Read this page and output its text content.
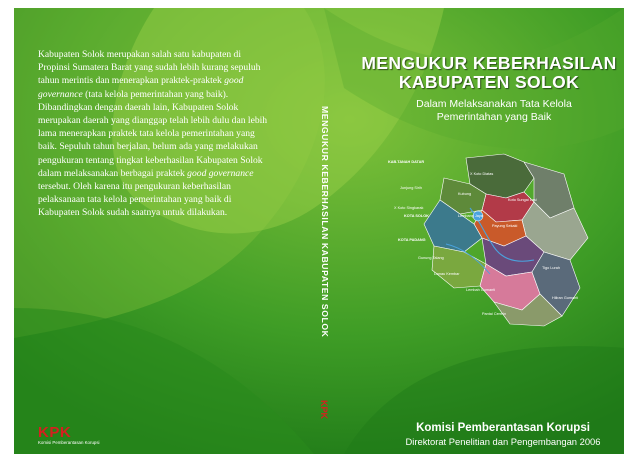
Kabupaten Solok merupakan salah satu kabupaten di Propinsi Sumatera Barat yang sudah lebih kurang sepuluh tahun merintis dan menerapkan praktek-praktek good governance (tata kelola pemerintahan yang baik). Dibandingkan dengan daerah lain, Kabupaten Solok merupakan daerah yang dianggap telah lebih dulu dan lebih lama menerapkan praktek tata kelola pemerintahan yang baik. Sepuluh tahun berjalan, belum ada yang melakukan pengukuran tentang tingkat keberhasilan Kabupaten Solok dalam melaksanakan berbagai praktek good governance tersebut. Oleh karena itu pengukuran keberhasilan pelaksanaan tata kelola pemerintahan yang baik di Kabupaten Solok sudah saatnya untuk dilakukan.

KPK
Komisi Pemberantasan Korupsi
MENGUKUR KEBERHASILAN KABUPATEN SOLOK
KPK
MENGUKUR KEBERHASILAN
KABUPATEN SOLOK
Dalam Melaksanakan Tata Kelola
Pemerintahan yang Baik
KAB.TANAH DATAR
X Koto Diatas
Junjung Sirih
Kubung
Koto Sungai Lasi
X Koto Singkarak
KOTA SOLOK	Lembang Jaya
Payung Sekaki
KOTA PADANG
Gunung Talang
Danau Kembar
Lembah Gumanti
Tigo Lurah
Hiliran Gumanti
Pantai Cermin
Komisi Pemberantasan Korupsi
Direktorat Penelitian dan Pengembangan 2006
